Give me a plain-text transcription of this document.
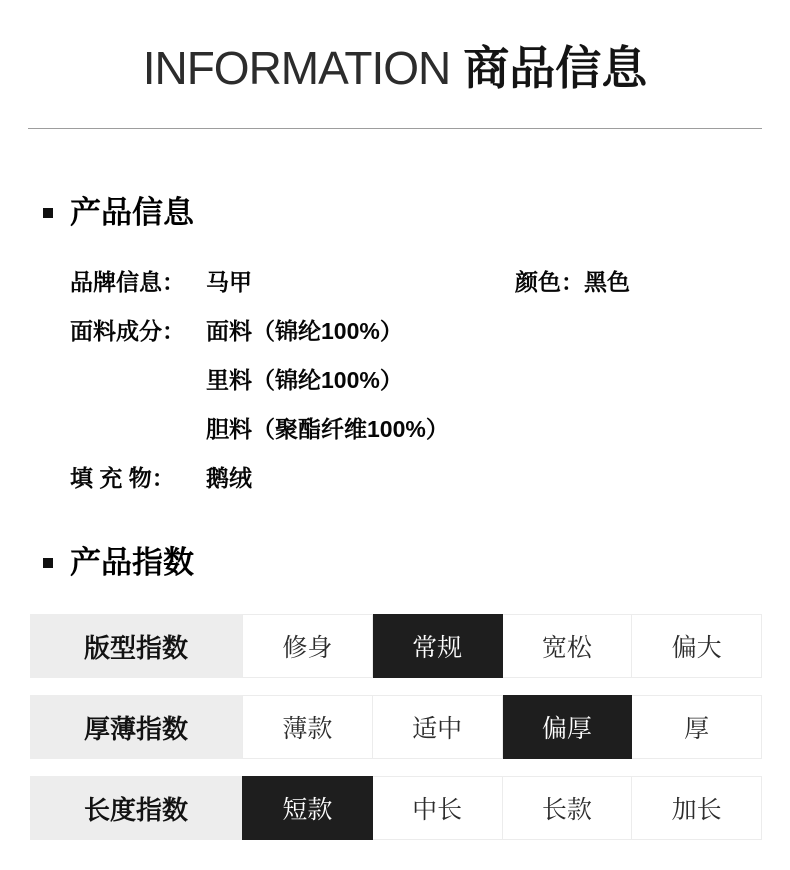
INFORMATION 商品信息
产品信息
品牌信息： 马甲	颜色： 黑色
面料成分： 面料（锦纶100%）
里料（锦纶100%）
胆料（聚酯纤维100%）
填 充 物：	鹅绒
产品指数
版型指数	修身	常规	宽松	偏大
厚薄指数	薄款	适中	偏厚	厚
长度指数	短款	中长	长款	加长
